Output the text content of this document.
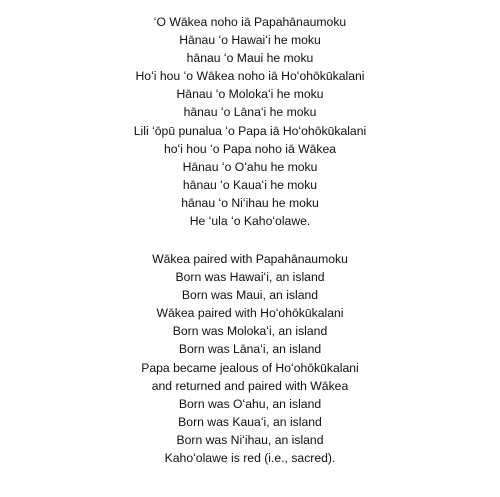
ʻO Wākea noho iā Papahānaumoku
Hānau ʻo Hawaiʻi he moku
hānau ʻo Maui he moku
Hoʻi hou ʻo Wākea noho iā Hoʻohōkūkalani
Hānau ʻo Molokaʻi he moku
hānau ʻo Lānaʻi he moku
Lili ʻōpū punalua ʻo Papa iā Hoʻohōkūkalani
hoʻi hou ʻo Papa noho iā Wākea
Hānau ʻo Oʻahu he moku
hānau ʻo Kauaʻi he moku
hānau ʻo Niʻihau he moku
He ʻula ʻo Kahoʻolawe.
Wākea paired with Papahānaumoku
Born was Hawaiʻi, an island
Born was Maui, an island
Wākea paired with Hoʻohōkūkalani
Born was Molokaʻi, an island
Born was Lānaʻi, an island
Papa became jealous of Hoʻohōkūkalani
and returned and paired with Wākea
Born was Oʻahu, an island
Born was Kauaʻi, an island
Born was Niʻihau, an island
Kahoʻolawe is red (i.e., sacred).
